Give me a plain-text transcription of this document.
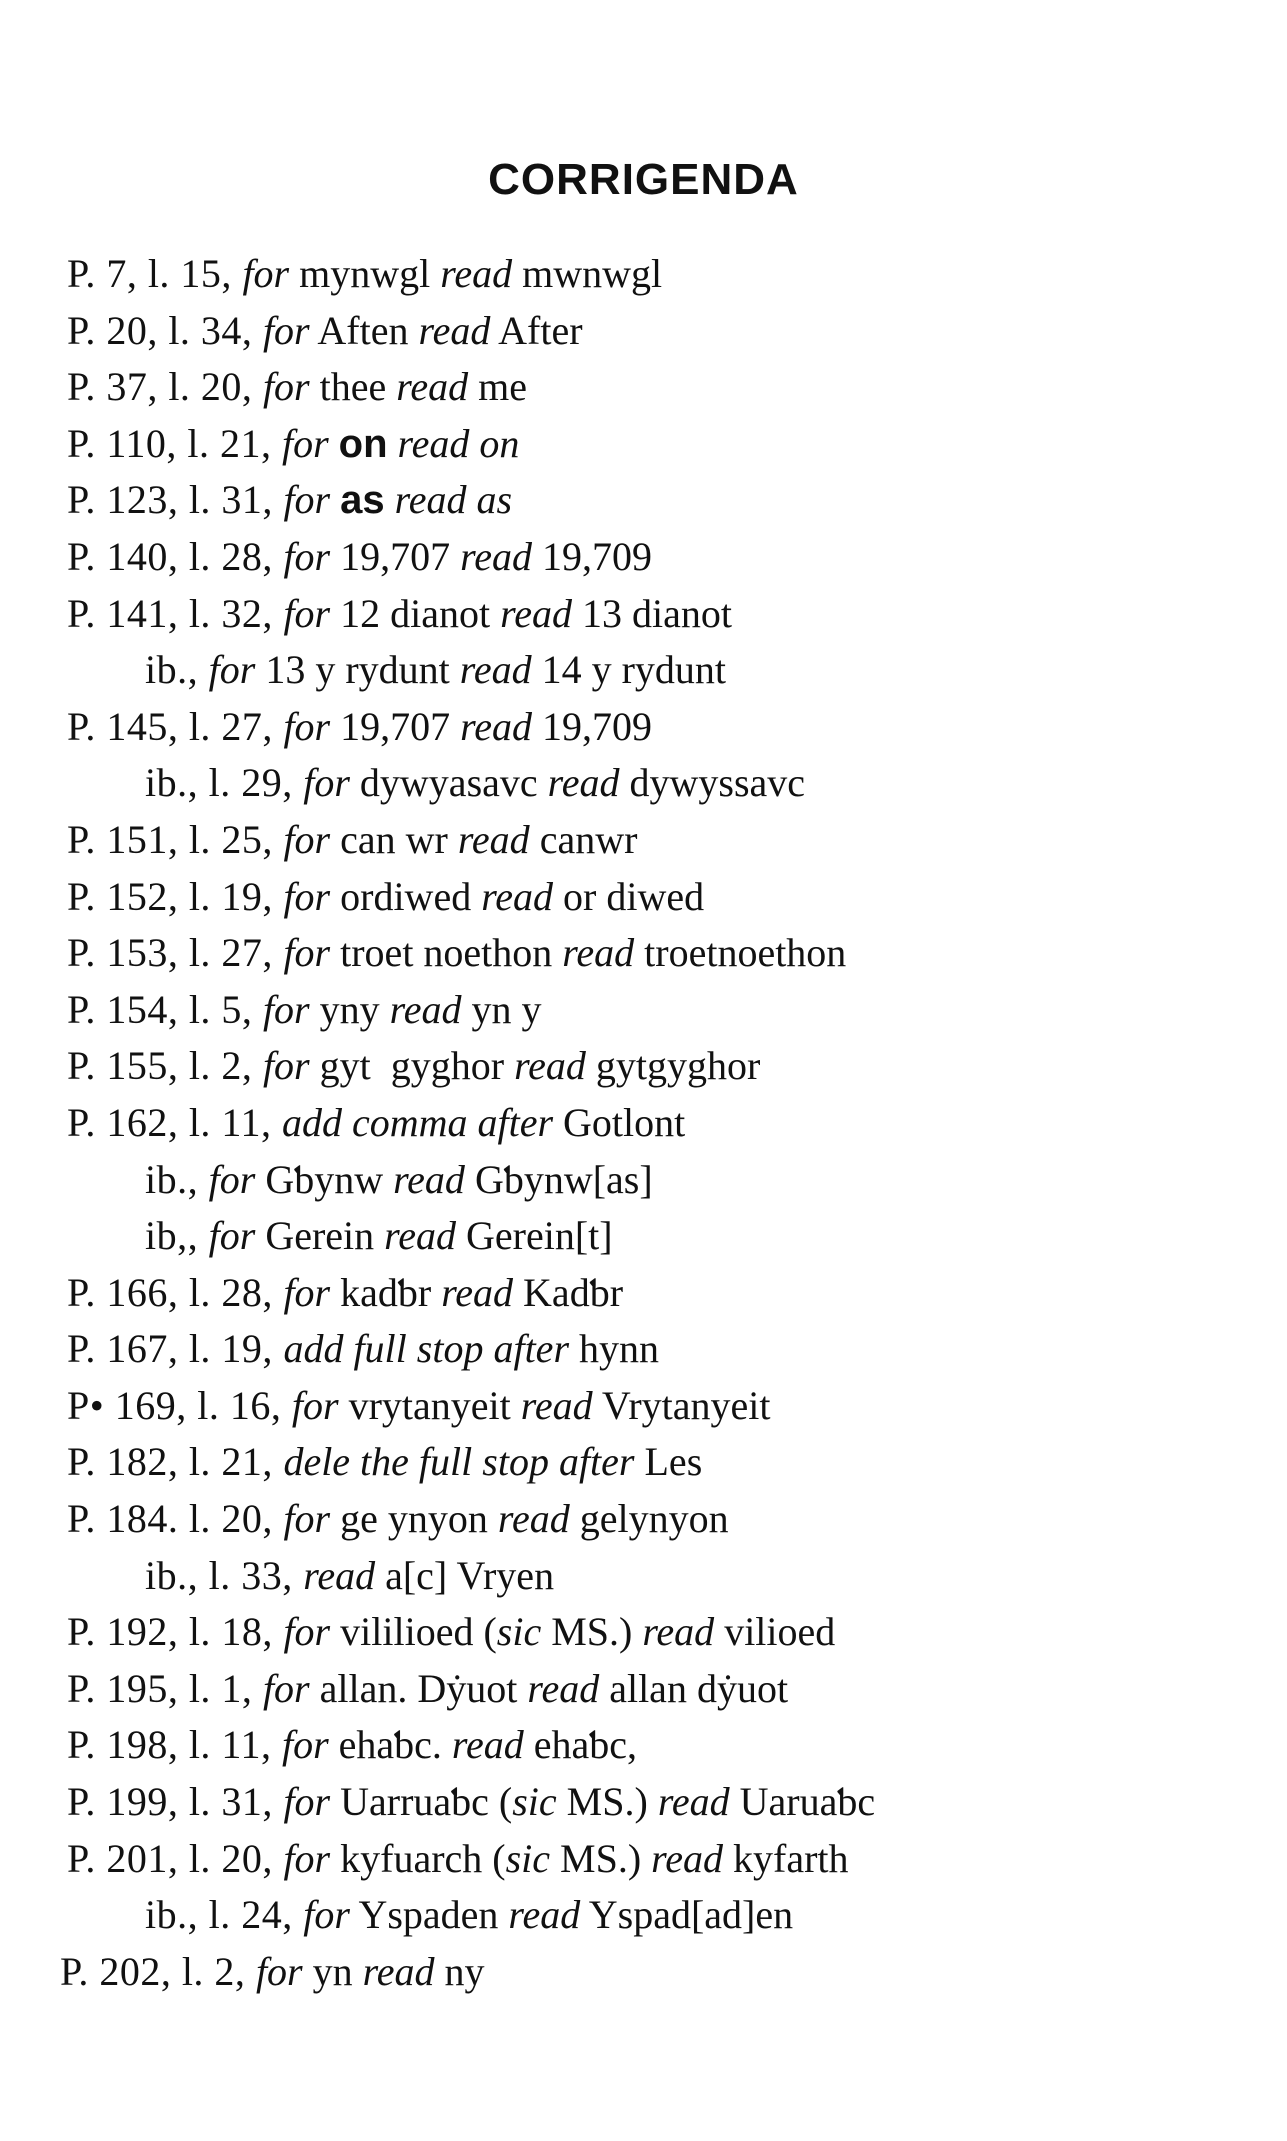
CORRIGENDA
P. 7, l. 15, for mynwgl read mwnwgl
P. 20, l. 34, for Aften read After
P. 37, l. 20, for thee read me
P. 110, l. 21, for on read on
P. 123, l. 31, for as read as
P. 140, l. 28, for 19,707 read 19,709
P. 141, l. 32, for 12 dianot read 13 dianot
ib., for 13 y rydunt read 14 y rydunt
P. 145, l. 27, for 19,707 read 19,709
ib., l. 29, for dywyasavc read dywyssavc
P. 151, l. 25, for can wr read canwr
P. 152, l. 19, for ordiwed read or diwed
P. 153, l. 27, for troet noethon read troetnoethon
P. 154, l. 5, for yny read yn y
P. 155, l. 2, for gyt  gyghor read gytgyghor
P. 162, l. 11, add comma after Gotlont
ib., for Gƅynw read Gƅynw[as]
ib,, for Gerein read Gerein[t]
P. 166, l. 28, for kadƅr read Kadƅr
P. 167, l. 19, add full stop after hynn
P• 169, l. 16, for vrytanyeit read Vrytanyeit
P. 182, l. 21, dele the full stop after Les
P. 184. l. 20, for ge ynyon read gelynyon
ib., l. 33, read a[c] Vryen
P. 192, l. 18, for vililioed (sic MS.) read vilioed
P. 195, l. 1, for allan. Dẏuot read allan dẏuot
P. 198, l. 11, for ehaƅc. read ehaƅc,
P. 199, l. 31, for Uarruaƅc (sic MS.) read Uaruaƅc
P. 201, l. 20, for kyfuarch (sic MS.) read kyfarth
ib., l. 24, for Yspaden read Yspad[ad]en
P. 202, l. 2, for yn read ny
